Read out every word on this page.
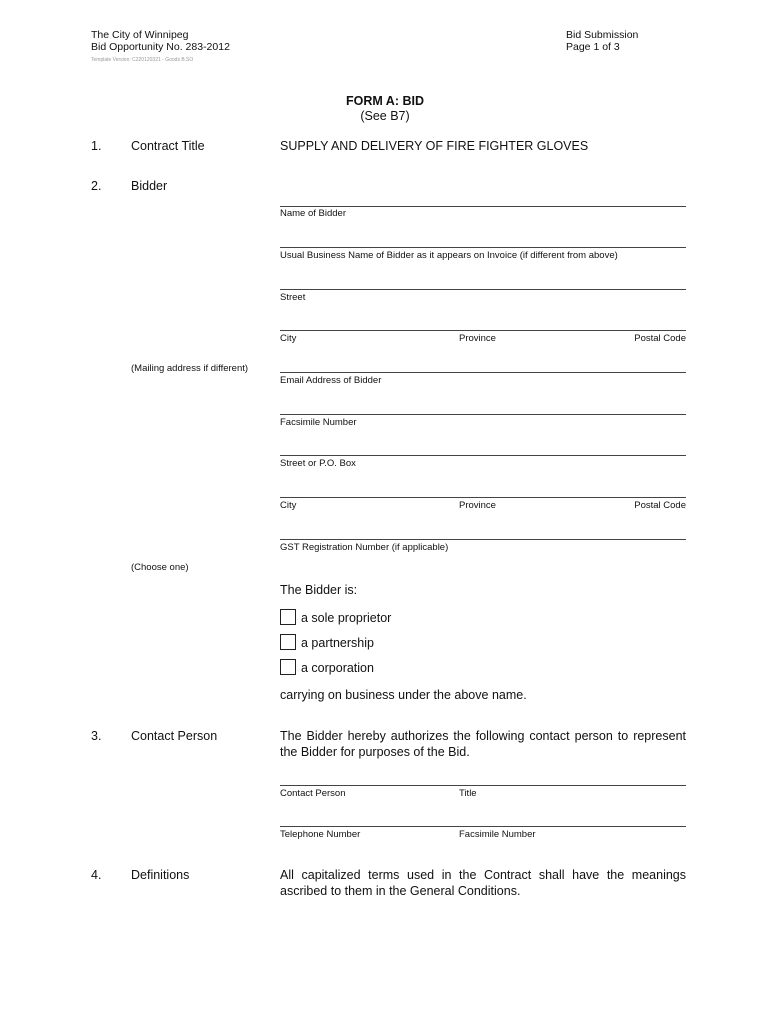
The City of Winnipeg
Bid Opportunity No. 283-2012
Bid Submission
Page 1 of 3
Template Version: C220120321 - Goods B.SO
FORM A: BID
(See B7)
1. Contract Title	SUPPLY AND DELIVERY OF FIRE FIGHTER GLOVES
2. Bidder
Name of Bidder
Usual Business Name of Bidder as it appears on Invoice (if different from above)
Street
City	Province	Postal Code
(Mailing address if different)
Email Address of Bidder
Facsimile Number
Street or P.O. Box
City	Province	Postal Code
GST Registration Number (if applicable)
(Choose one)
The Bidder is:
a sole proprietor
a partnership
a corporation
carrying on business under the above name.
3. Contact Person	The Bidder hereby authorizes the following contact person to represent the Bidder for purposes of the Bid.
Contact Person	Title
Telephone Number	Facsimile Number
4. Definitions	All capitalized terms used in the Contract shall have the meanings ascribed to them in the General Conditions.
